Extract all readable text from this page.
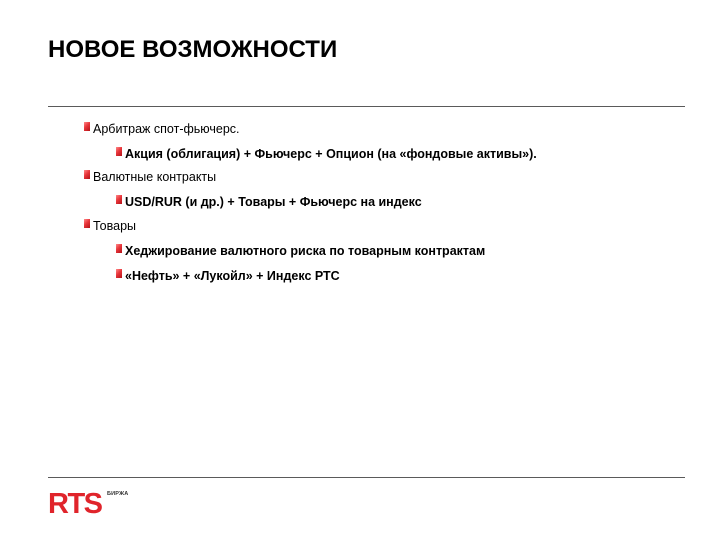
НОВОЕ ВОЗМОЖНОСТИ
Арбитраж спот-фьючерс.
Акция (облигация) + Фьючерс + Опцион (на «фондовые активы»).
Валютные контракты
USD/RUR (и др.) + Товары + Фьючерс на индекс
Товары
Хеджирование валютного риска по товарным контрактам
«Нефть» + «Лукойл» + Индекс РТС
RTS БИРЖА
